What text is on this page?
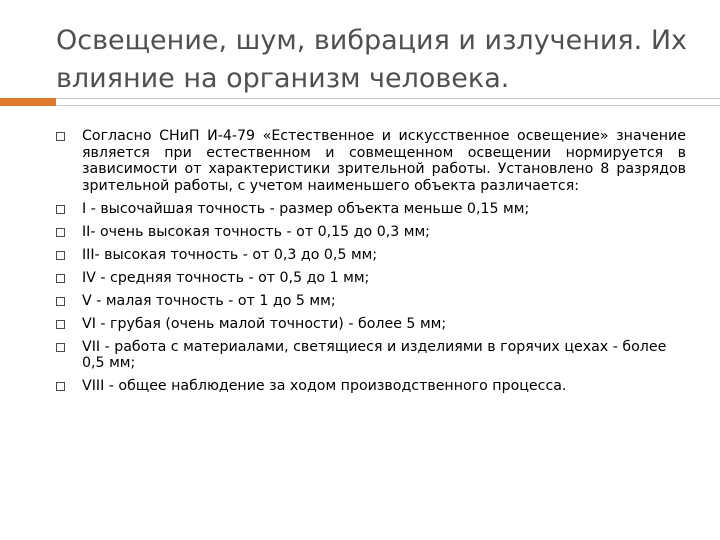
Освещение, шум, вибрация и излучения. Их влияние на организм человека.
Согласно СНиП И-4-79 «Естественное и искусственное освещение» значение является при естественном и совмещенном освещении нормируется в зависимости от характеристики зрительной работы. Установлено 8 разрядов зрительной работы, с учетом наименьшего объекта различается:
I - высочайшая точность - размер объекта меньше 0,15 мм;
II- очень высокая точность - от 0,15 до 0,3 мм;
III- высокая точность - от 0,3 до 0,5 мм;
IV - средняя точность - от 0,5 до 1 мм;
V - малая точность - от 1 до 5 мм;
VI - грубая (очень малой точности) - более 5 мм;
VII - работа с материалами, светящиеся и изделиями в горячих цехах - более 0,5 мм;
VIII - общее наблюдение за ходом производственного процесса.
